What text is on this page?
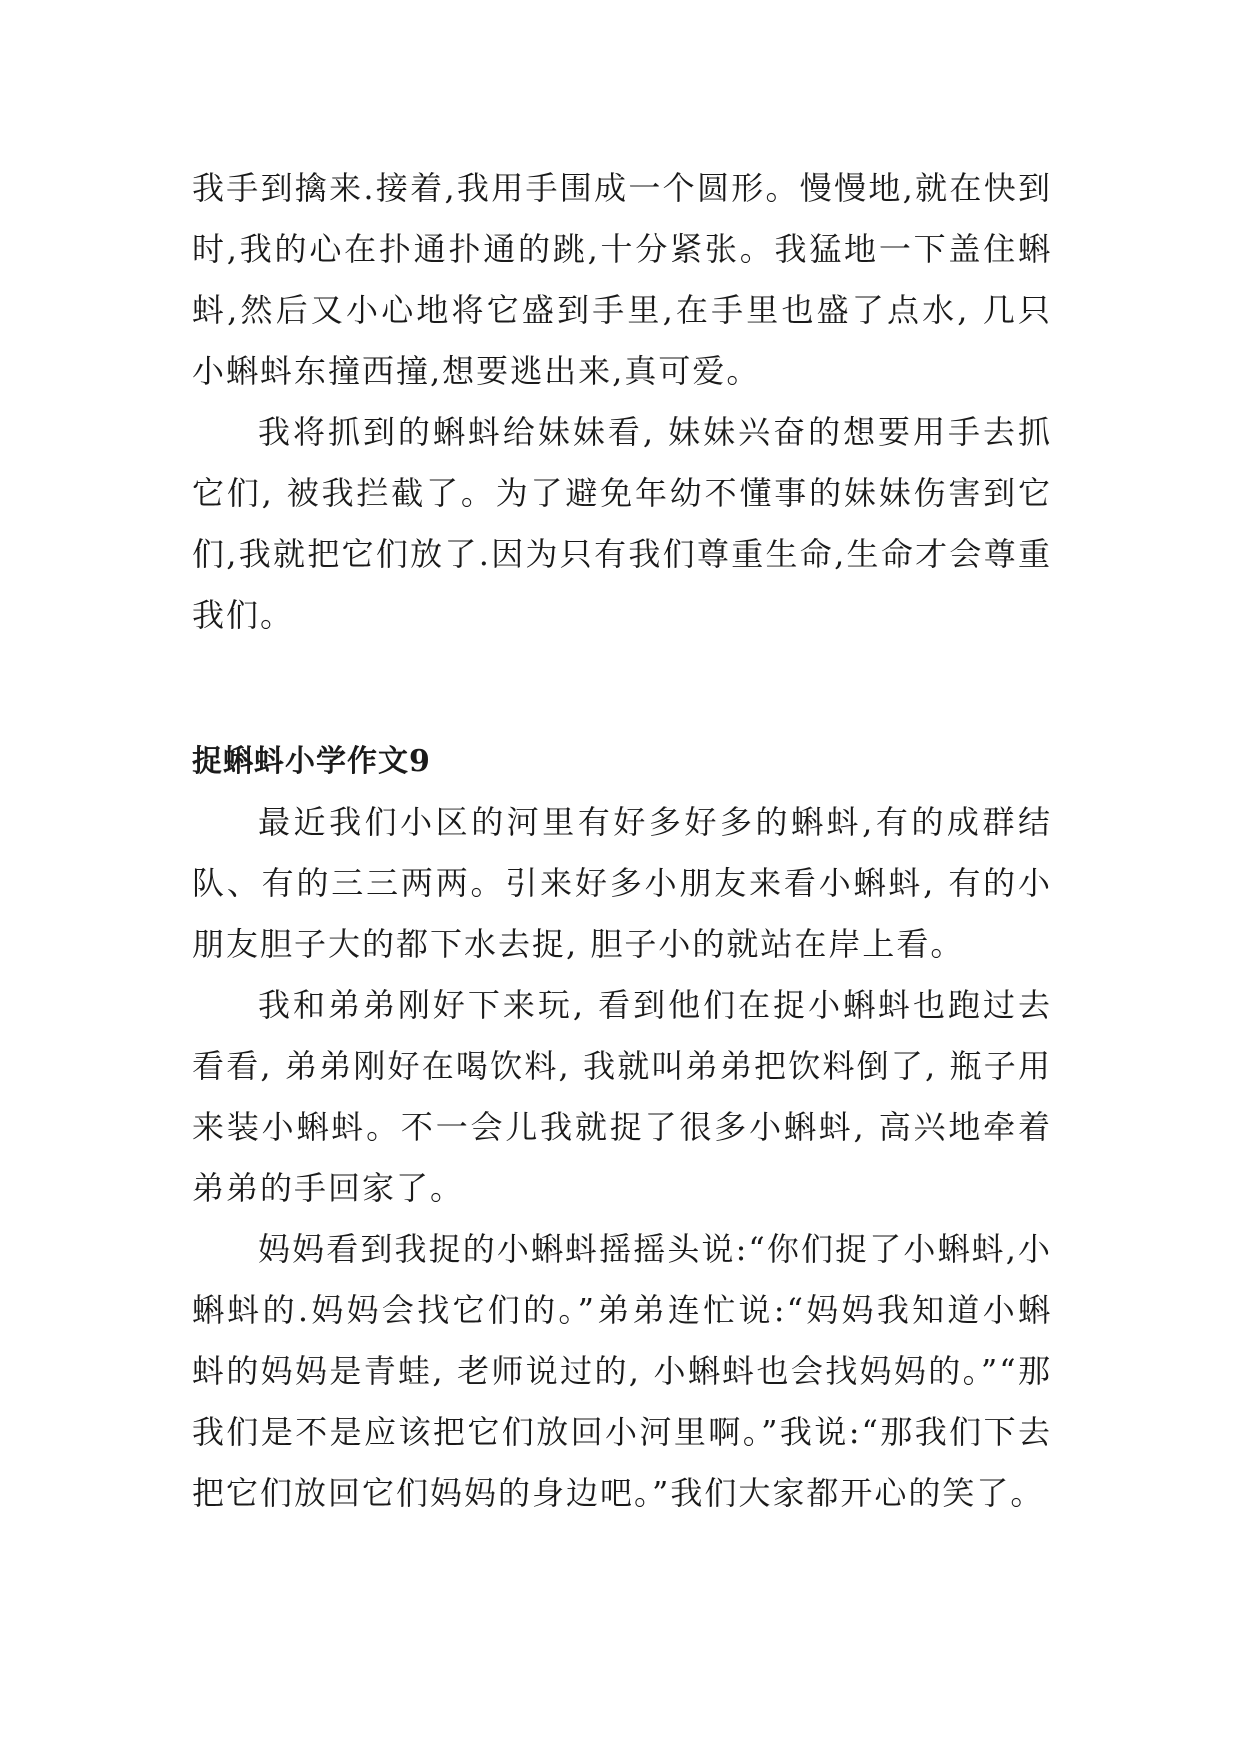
我手到擒来.接着,我用手围成一个圆形。慢慢地,就在快到时,我的心在扑通扑通的跳,十分紧张。我猛地一下盖住蝌蚪,然后又小心地将它盛到手里,在手里也盛了点水, 几只小蝌蚪东撞西撞,想要逃出来,真可爱。

我将抓到的蝌蚪给妹妹看, 妹妹兴奋的想要用手去抓它们, 被我拦截了。为了避免年幼不懂事的妹妹伤害到它们,我就把它们放了.因为只有我们尊重生命,生命才会尊重我们。

捉蝌蚪小学作文9

最近我们小区的河里有好多好多的蝌蚪,有的成群结队、有的三三两两。引来好多小朋友来看小蝌蚪, 有的小朋友胆子大的都下水去捉, 胆子小的就站在岸上看。

我和弟弟刚好下来玩, 看到他们在捉小蝌蚪也跑过去看看, 弟弟刚好在喝饮料, 我就叫弟弟把饮料倒了, 瓶子用来装小蝌蚪。不一会儿我就捉了很多小蝌蚪, 高兴地牵着弟弟的手回家了。

妈妈看到我捉的小蝌蚪摇摇头说:“你们捉了小蝌蚪,小蝌蚪的.妈妈会找它们的。”弟弟连忙说:“妈妈我知道小蝌蚪的妈妈是青蛙, 老师说过的, 小蝌蚪也会找妈妈的。”“那我们是不是应该把它们放回小河里啊。”我说:“那我们下去把它们放回它们妈妈的身边吧。”我们大家都开心的笑了。
